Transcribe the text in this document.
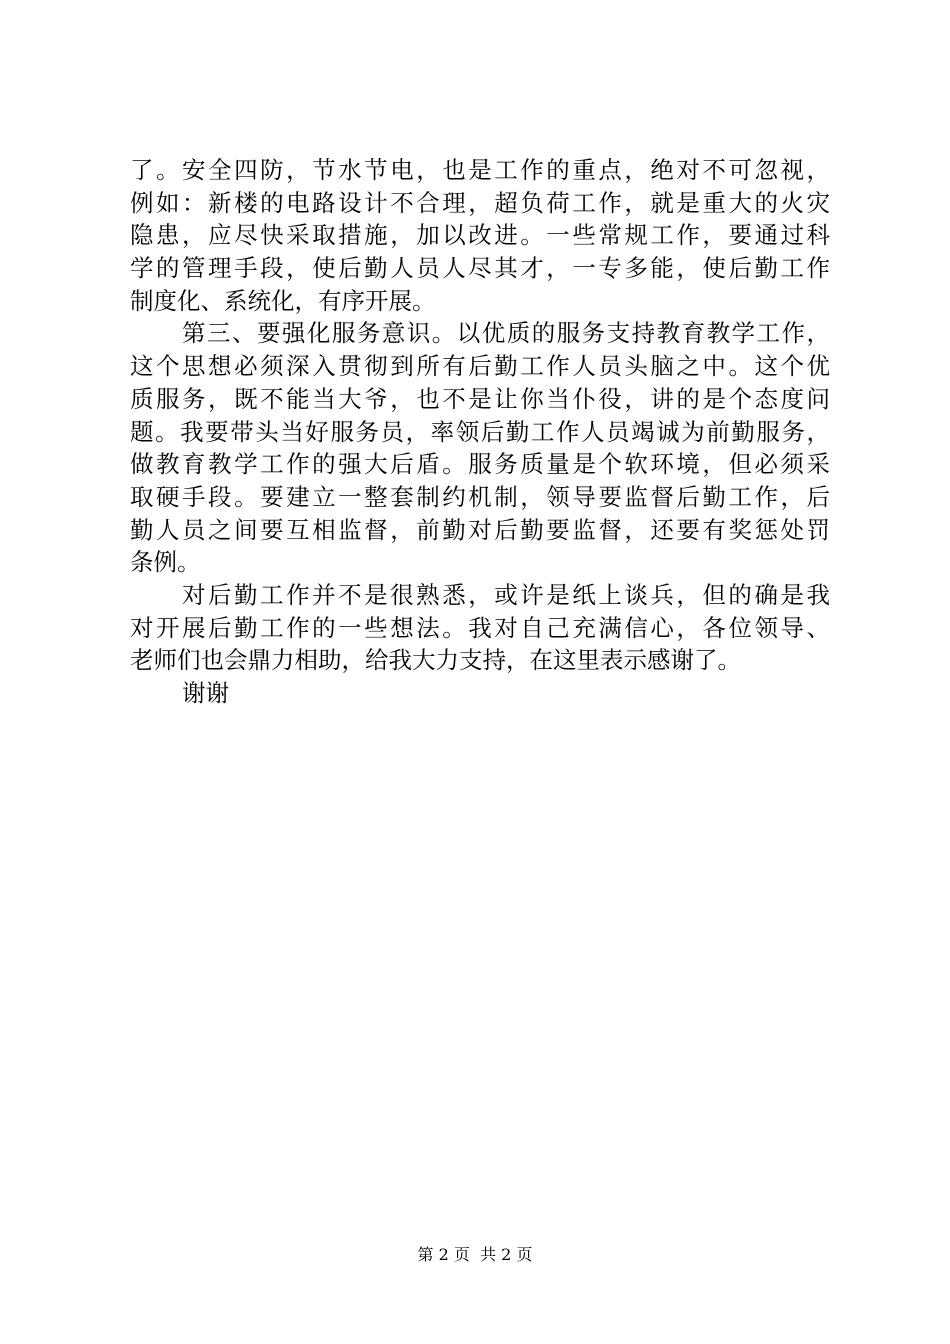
了。安全四防，节水节电，也是工作的重点，绝对不可忽视，
例如：新楼的电路设计不合理，超负荷工作，就是重大的火灾
隐患，应尽快采取措施，加以改进。一些常规工作，要通过科
学的管理手段，使后勤人员人尽其才，一专多能，使后勤工作
制度化、系统化，有序开展。
第三、要强化服务意识。以优质的服务支持教育教学工作，
这个思想必须深入贯彻到所有后勤工作人员头脑之中。这个优
质服务，既不能当大爷，也不是让你当仆役，讲的是个态度问
题。我要带头当好服务员，率领后勤工作人员竭诚为前勤服务，
做教育教学工作的强大后盾。服务质量是个软环境，但必须采
取硬手段。要建立一整套制约机制，领导要监督后勤工作，后
勤人员之间要互相监督，前勤对后勤要监督，还要有奖惩处罚
条例。
对后勤工作并不是很熟悉，或许是纸上谈兵，但的确是我
对开展后勤工作的一些想法。我对自己充满信心，各位领导、
老师们也会鼎力相助，给我大力支持，在这里表示感谢了。
谢谢
第 2 页  共 2 页
